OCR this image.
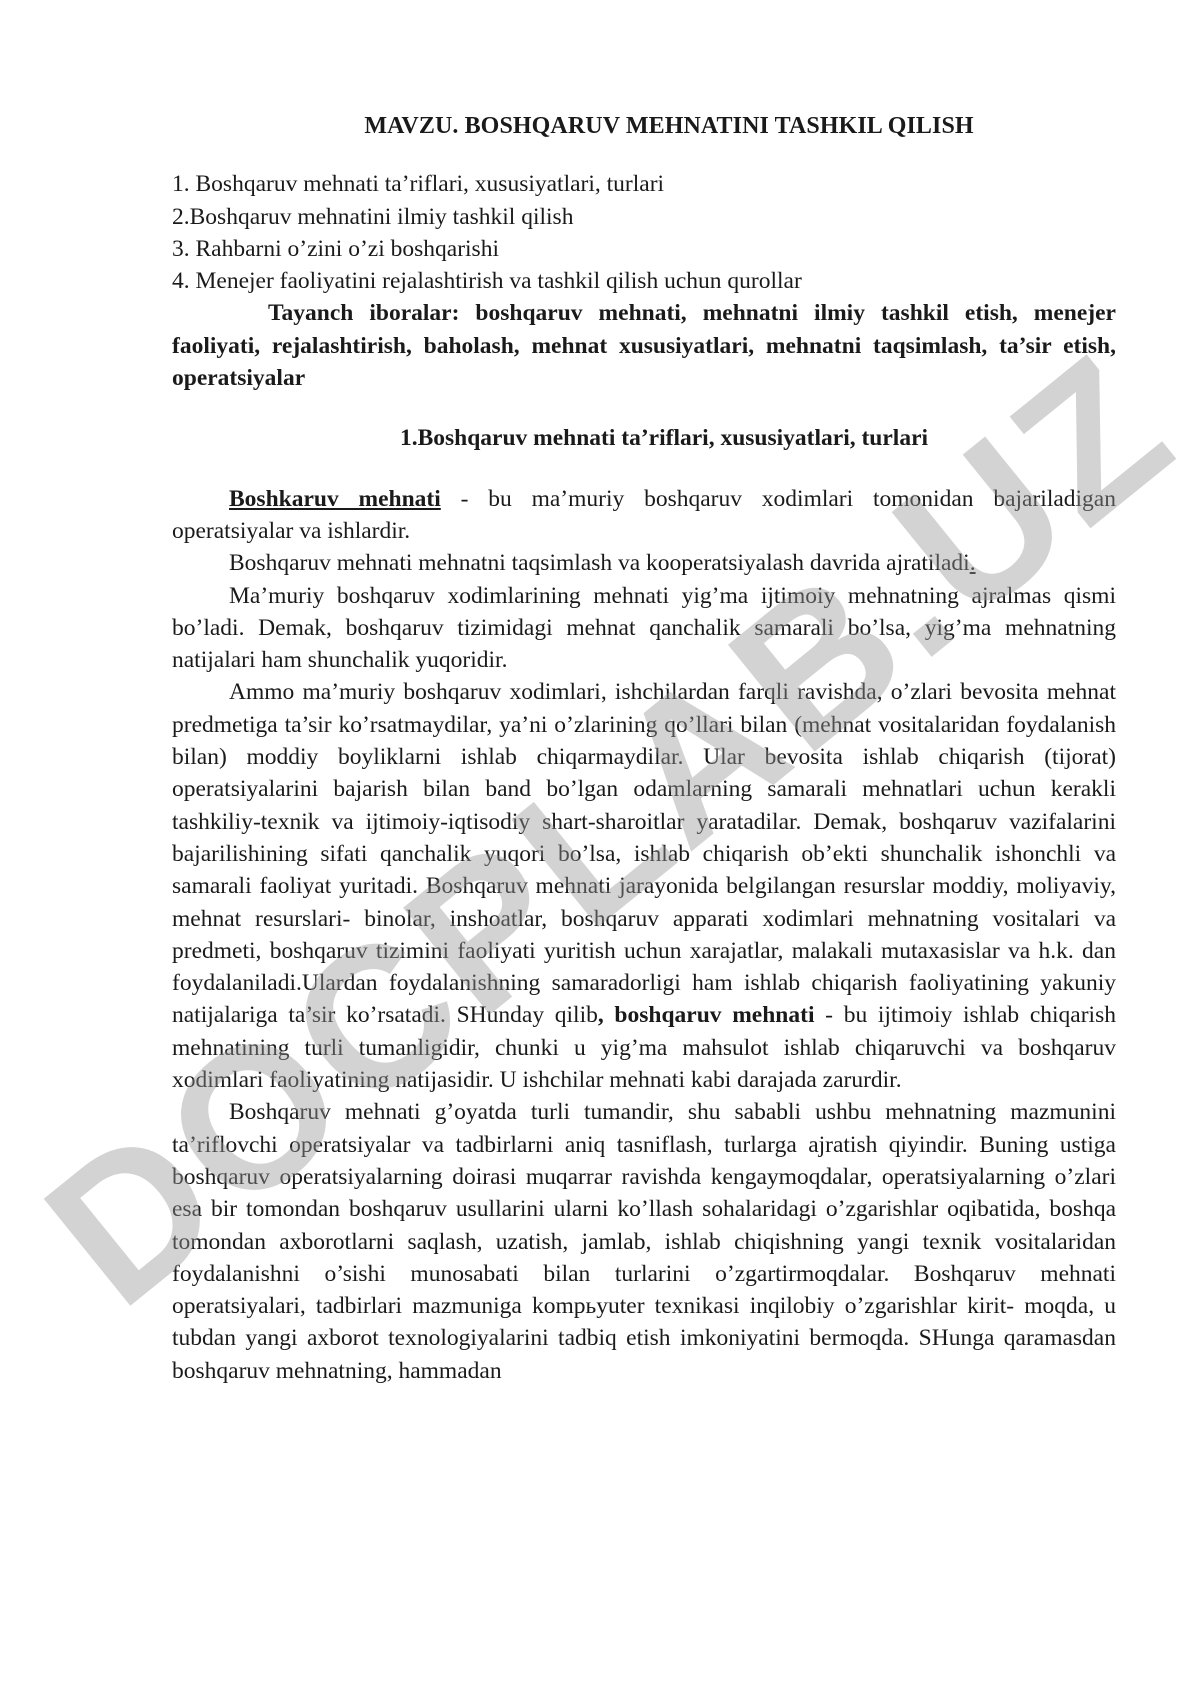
MAVZU. BOSHQARUV MEHNATINI TASHKIL QILISH
1. Boshqaruv mehnati ta’riflari, xususiyatlari, turlari
2.Boshqaruv mehnatini ilmiy tashkil qilish
3. Rahbarni o’zini o’zi boshqarishi
4. Menejer faoliyatini rejalashtirish va tashkil qilish uchun qurollar

Tayanch iboralar: boshqaruv mehnati, mehnatni ilmiy tashkil etish, menejer faoliyati, rejalashtirish, baholash, mehnat xususiyatlari, mehnatni taqsimlash, ta’sir etish, operatsiyalar

1.Boshqaruv mehnati ta’riflari, xususiyatlari, turlari

Boshkaruv mehnati - bu ma’muriy boshqaruv xodimlari tomonidan bajariladigan operatsiyalar va ishlardir.

Boshqaruv mehnati mehnatni taqsimlash va kooperatsiyalash davrida ajratiladi.

Ma’muriy boshqaruv xodimlarining mehnati yig’ma ijtimoiy mehnatning ajralmas qismi bo’ladi. Demak, boshqaruv tizimidagi mehnat qanchalik samarali bo’lsa, yig’ma mehnatning natijalari ham shunchalik yuqoridir.

Ammo ma’muriy boshqaruv xodimlari, ishchilardan farqli ravishda, o’zlari bevosita mehnat predmetiga ta’sir ko’rsatmaydilar, ya’ni o’zlarining qo’llari bilan (mehnat vositalaridan foydalanish bilan) moddiy boyliklarni ishlab chiqarmaydilar. Ular bevosita ishlab chiqarish (tijorat) operatsiyalarini bajarish bilan band bo’lgan odamlarning samarali mehnatlari uchun kerakli tashkiliy-texnik va ijtimoiy-iqtisodiy shart-sharoitlar yaratadilar. Demak, boshqaruv vazifalarini bajarilishining sifati qanchalik yuqori bo’lsa, ishlab chiqarish ob’ekti shunchalik ishonchli va samarali faoliyat yuritadi. Boshqaruv mehnati jarayonida belgilangan resurslar moddiy, moliyaviy, mehnat resurslari- binolar, inshoatlar, boshqaruv apparati xodimlari mehnatning vositalari va predmeti, boshqaruv tizimini faoliyati yuritish uchun xarajatlar, malakali mutaxasislar va h.k. dan foydalaniladi.Ulardan foydalanishning samaradorligi ham ishlab chiqarish faoliyatining yakuniy natijalariga ta’sir ko’rsatadi. SHunday qilib, boshqaruv mehnati - bu ijtimoiy ishlab chiqarish mehnatining turli tumanligidir, chunki u yig’ma mahsulot ishlab chiqaruvchi va boshqaruv xodimlari faoliyatining natijasidir. U ishchilar mehnati kabi darajada zarurdir.

Boshqaruv mehnati g’oyatda turli tumandir, shu sababli ushbu mehnatning mazmunini ta’riflovchi operatsiyalar va tadbirlarni aniq tasniflash, turlarga ajratish qiyindir. Buning ustiga boshqaruv operatsiyalarning doirasi muqarrar ravishda kengaymoqdalar, operatsiyalarning o’zlari esa bir tomondan boshqaruv usullarini ularni ko’llash sohalaridagi o’zgarishlar oqibatida, boshqa tomondan axborotlarni saqlash, uzatish, jamlab, ishlab chiqishning yangi texnik vositalaridan foydalanishni o’sishi munosabati bilan turlarini o’zgartirmoqdalar. Boshqaruv mehnati operatsiyalari, tadbirlari mazmuniga kompьyuter texnikasi inqilobiy o’zgarishlar kirit- moqda, u tubdan yangi axborot texnologiyalarini tadbiq etish imkoniyatini bermoqda. SHunga qaramasdan boshqaruv mehnatning, hammadan

DOCPLAB.UZ
